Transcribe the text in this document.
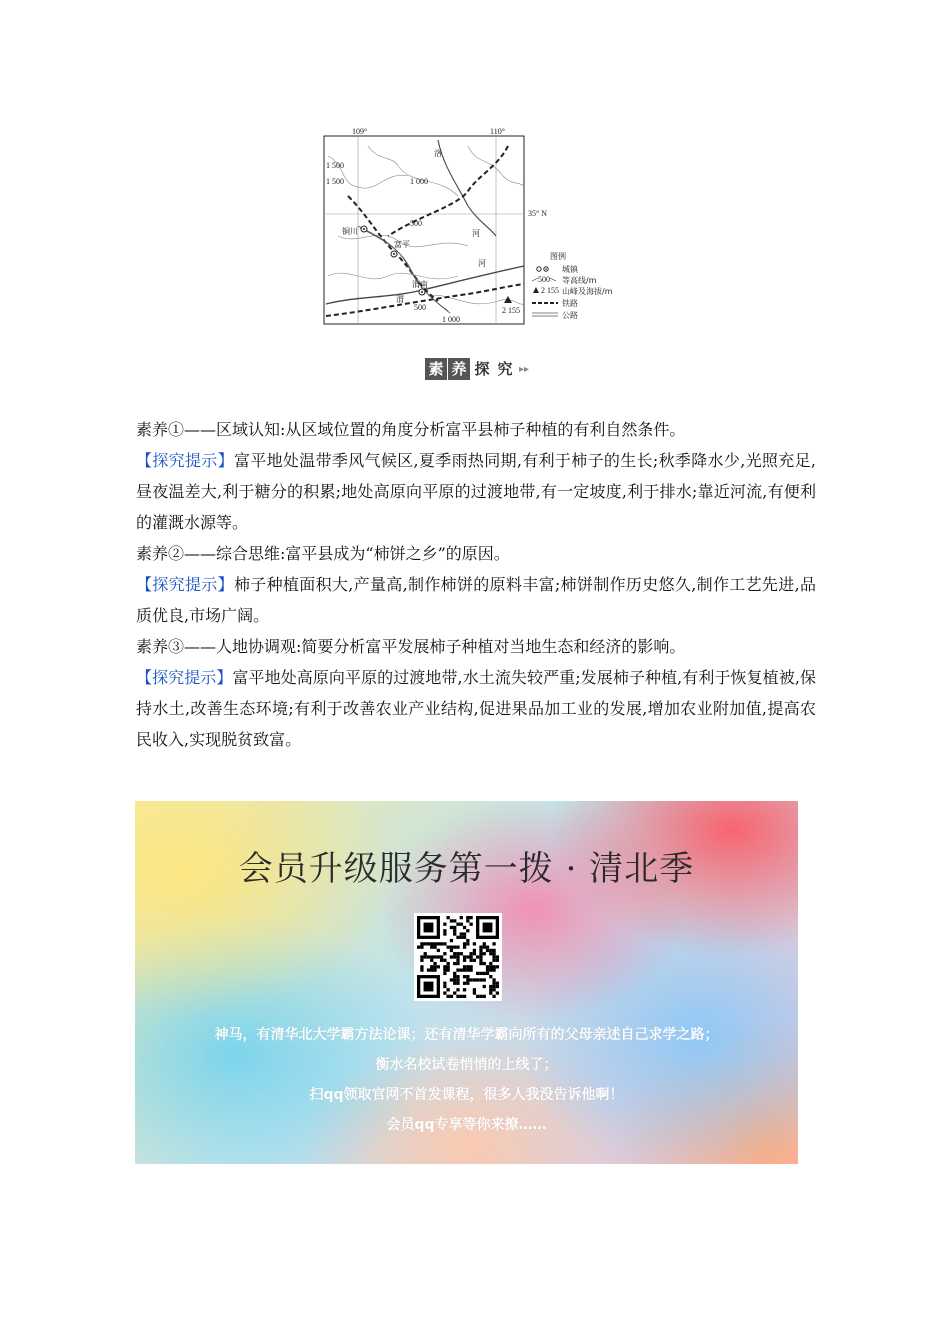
109°	110°
35° N
1 500
1 500	1 000
500
500
1 000
洛
河
河
渭
铜川
富平
渭南
2 155
图例
城镇
500 等高线/m
2 155 山峰及海拔/m
铁路
公路
素 养 探 究 ▸▸

素养①——区域认知:从区域位置的角度分析富平县柿子种植的有利自然条件。

【探究提示】富平地处温带季风气候区,夏季雨热同期,有利于柿子的生长;秋季降水少,光照充足,昼夜温差大,利于糖分的积累;地处高原向平原的过渡地带,有一定坡度,利于排水;靠近河流,有便利的灌溉水源等。

素养②——综合思维:富平县成为“柿饼之乡”的原因。

【探究提示】柿子种植面积大,产量高,制作柿饼的原料丰富;柿饼制作历史悠久,制作工艺先进,品质优良,市场广阔。

素养③——人地协调观:简要分析富平发展柿子种植对当地生态和经济的影响。

【探究提示】富平地处高原向平原的过渡地带,水土流失较严重;发展柿子种植,有利于恢复植被,保持水土,改善生态环境;有利于改善农业产业结构,促进果品加工业的发展,增加农业附加值,提高农民收入,实现脱贫致富。

会员升级服务第一拨 · 清北季
神马，有清华北大学霸方法论课；还有清华学霸向所有的父母亲述自己求学之路；
衡水名校试卷悄悄的上线了；
扫qq领取官网不首发课程，很多人我没告诉他啊！
会员qq专享等你来撩……
